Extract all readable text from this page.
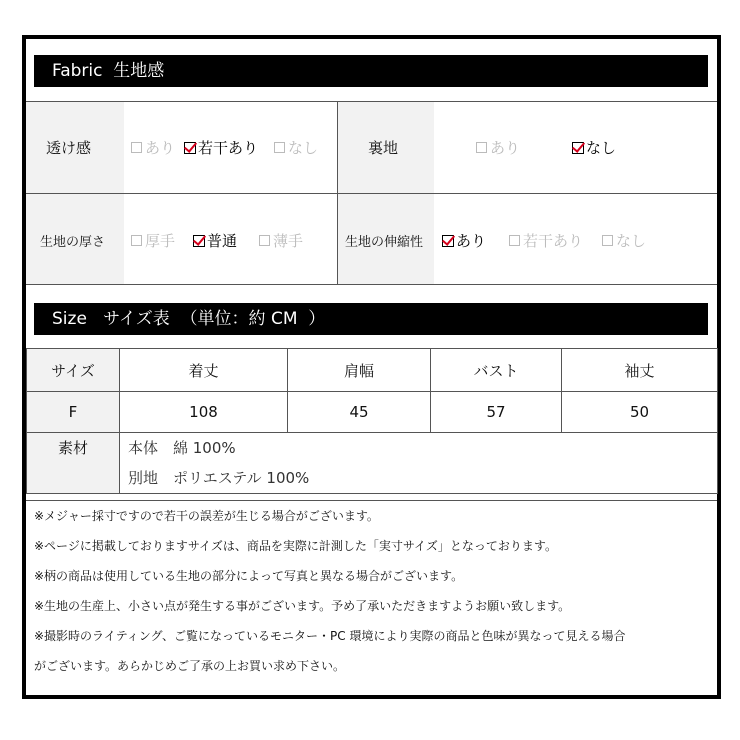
Fabric  生地感
透け感	あり	若干あり	なし	裏地	あり	なし
生地の厚さ	厚手	普通	薄手	生地の伸縮性	あり	若干あり	なし
Size   サイズ表  （単位：約 CM  ）
サイズ	着丈	肩幅	バスト	袖丈
F	108	45	57	50
素材	本体　綿 100%
別地　ポリエステル 100%			
※メジャー採寸ですので若干の誤差が生じる場合がございます。
※ページに掲載しておりますサイズは、商品を実際に計測した「実寸サイズ」となっております。
※柄の商品は使用している生地の部分によって写真と異なる場合がございます。
※生地の生産上、小さい点が発生する事がございます。予め了承いただきますようお願い致します。
※撮影時のライティング、ご覧になっているモニター・PC 環境により実際の商品と色味が異なって見える場合
がございます。あらかじめご了承の上お買い求め下さい。
